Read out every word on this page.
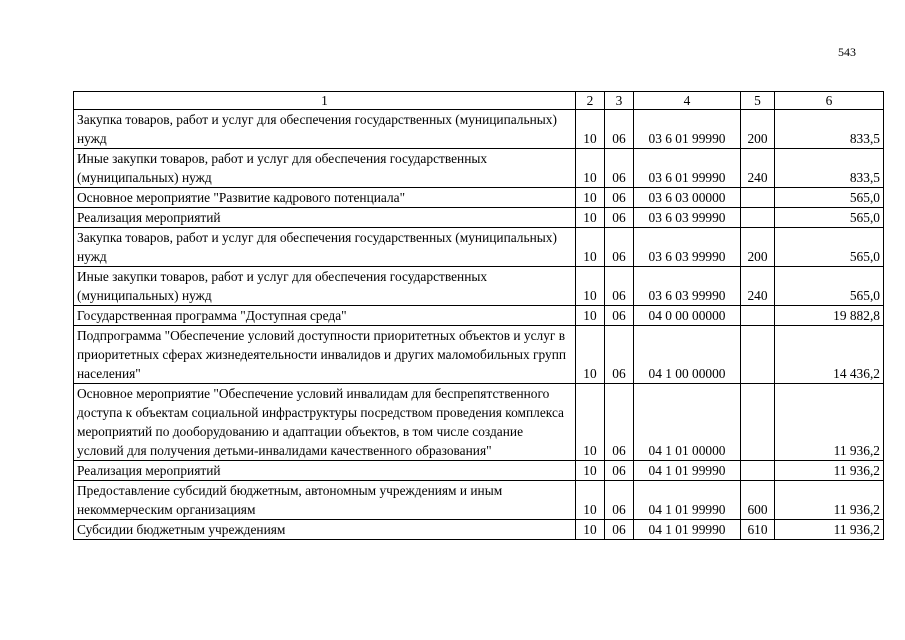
543
1	2	3	4	5	6
Закупка товаров, работ и услуг для обеспечения государственных (муниципальных) нужд	10	06	03 6 01 99990	200	833,5
Иные закупки товаров, работ и услуг для обеспечения государственных (муниципальных) нужд	10	06	03 6 01 99990	240	833,5
Основное мероприятие "Развитие кадрового потенциала"	10	06	03 6 03 00000		565,0
Реализация мероприятий	10	06	03 6 03 99990		565,0
Закупка товаров, работ и услуг для обеспечения государственных (муниципальных) нужд	10	06	03 6 03 99990	200	565,0
Иные закупки товаров, работ и услуг для обеспечения государственных (муниципальных) нужд	10	06	03 6 03 99990	240	565,0
Государственная программа "Доступная среда"	10	06	04 0 00 00000		19 882,8
Подпрограмма "Обеспечение условий доступности приоритетных объектов и услуг в приоритетных сферах жизнедеятельности инвалидов и других маломобильных групп населения"	10	06	04 1 00 00000		14 436,2
Основное мероприятие "Обеспечение условий инвалидам для беспрепятственного доступа к объектам социальной инфраструктуры посредством проведения комплекса мероприятий по дооборудованию и адаптации объектов, в том числе создание условий для получения детьми-инвалидами качественного образования"	10	06	04 1 01 00000		11 936,2
Реализация мероприятий	10	06	04 1 01 99990		11 936,2
Предоставление субсидий бюджетным, автономным учреждениям и иным некоммерческим организациям	10	06	04 1 01 99990	600	11 936,2
Субсидии бюджетным учреждениям	10	06	04 1 01 99990	610	11 936,2
